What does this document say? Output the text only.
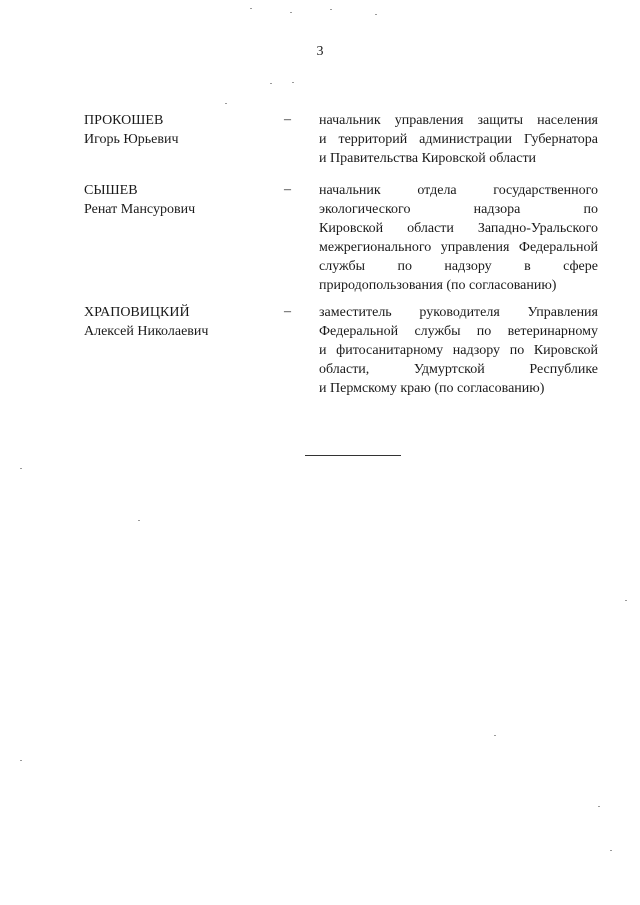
3
ПРОКОШЕВ
Игорь Юрьевич
– начальник управления защиты населения
и территорий администрации Губернатора
и Правительства Кировской области
СЫШЕВ
Ренат Мансурович
– начальник отдела государственного
экологического надзора по
Кировской области Западно-Уральского
межрегионального управления Федеральной
службы по надзору в сфере
природопользования (по согласованию)
ХРАПОВИЦКИЙ
Алексей Николаевич
– заместитель руководителя Управления
Федеральной службы по ветеринарному
и фитосанитарному надзору по Кировской
области, Удмуртской Республике
и Пермскому краю (по согласованию)
